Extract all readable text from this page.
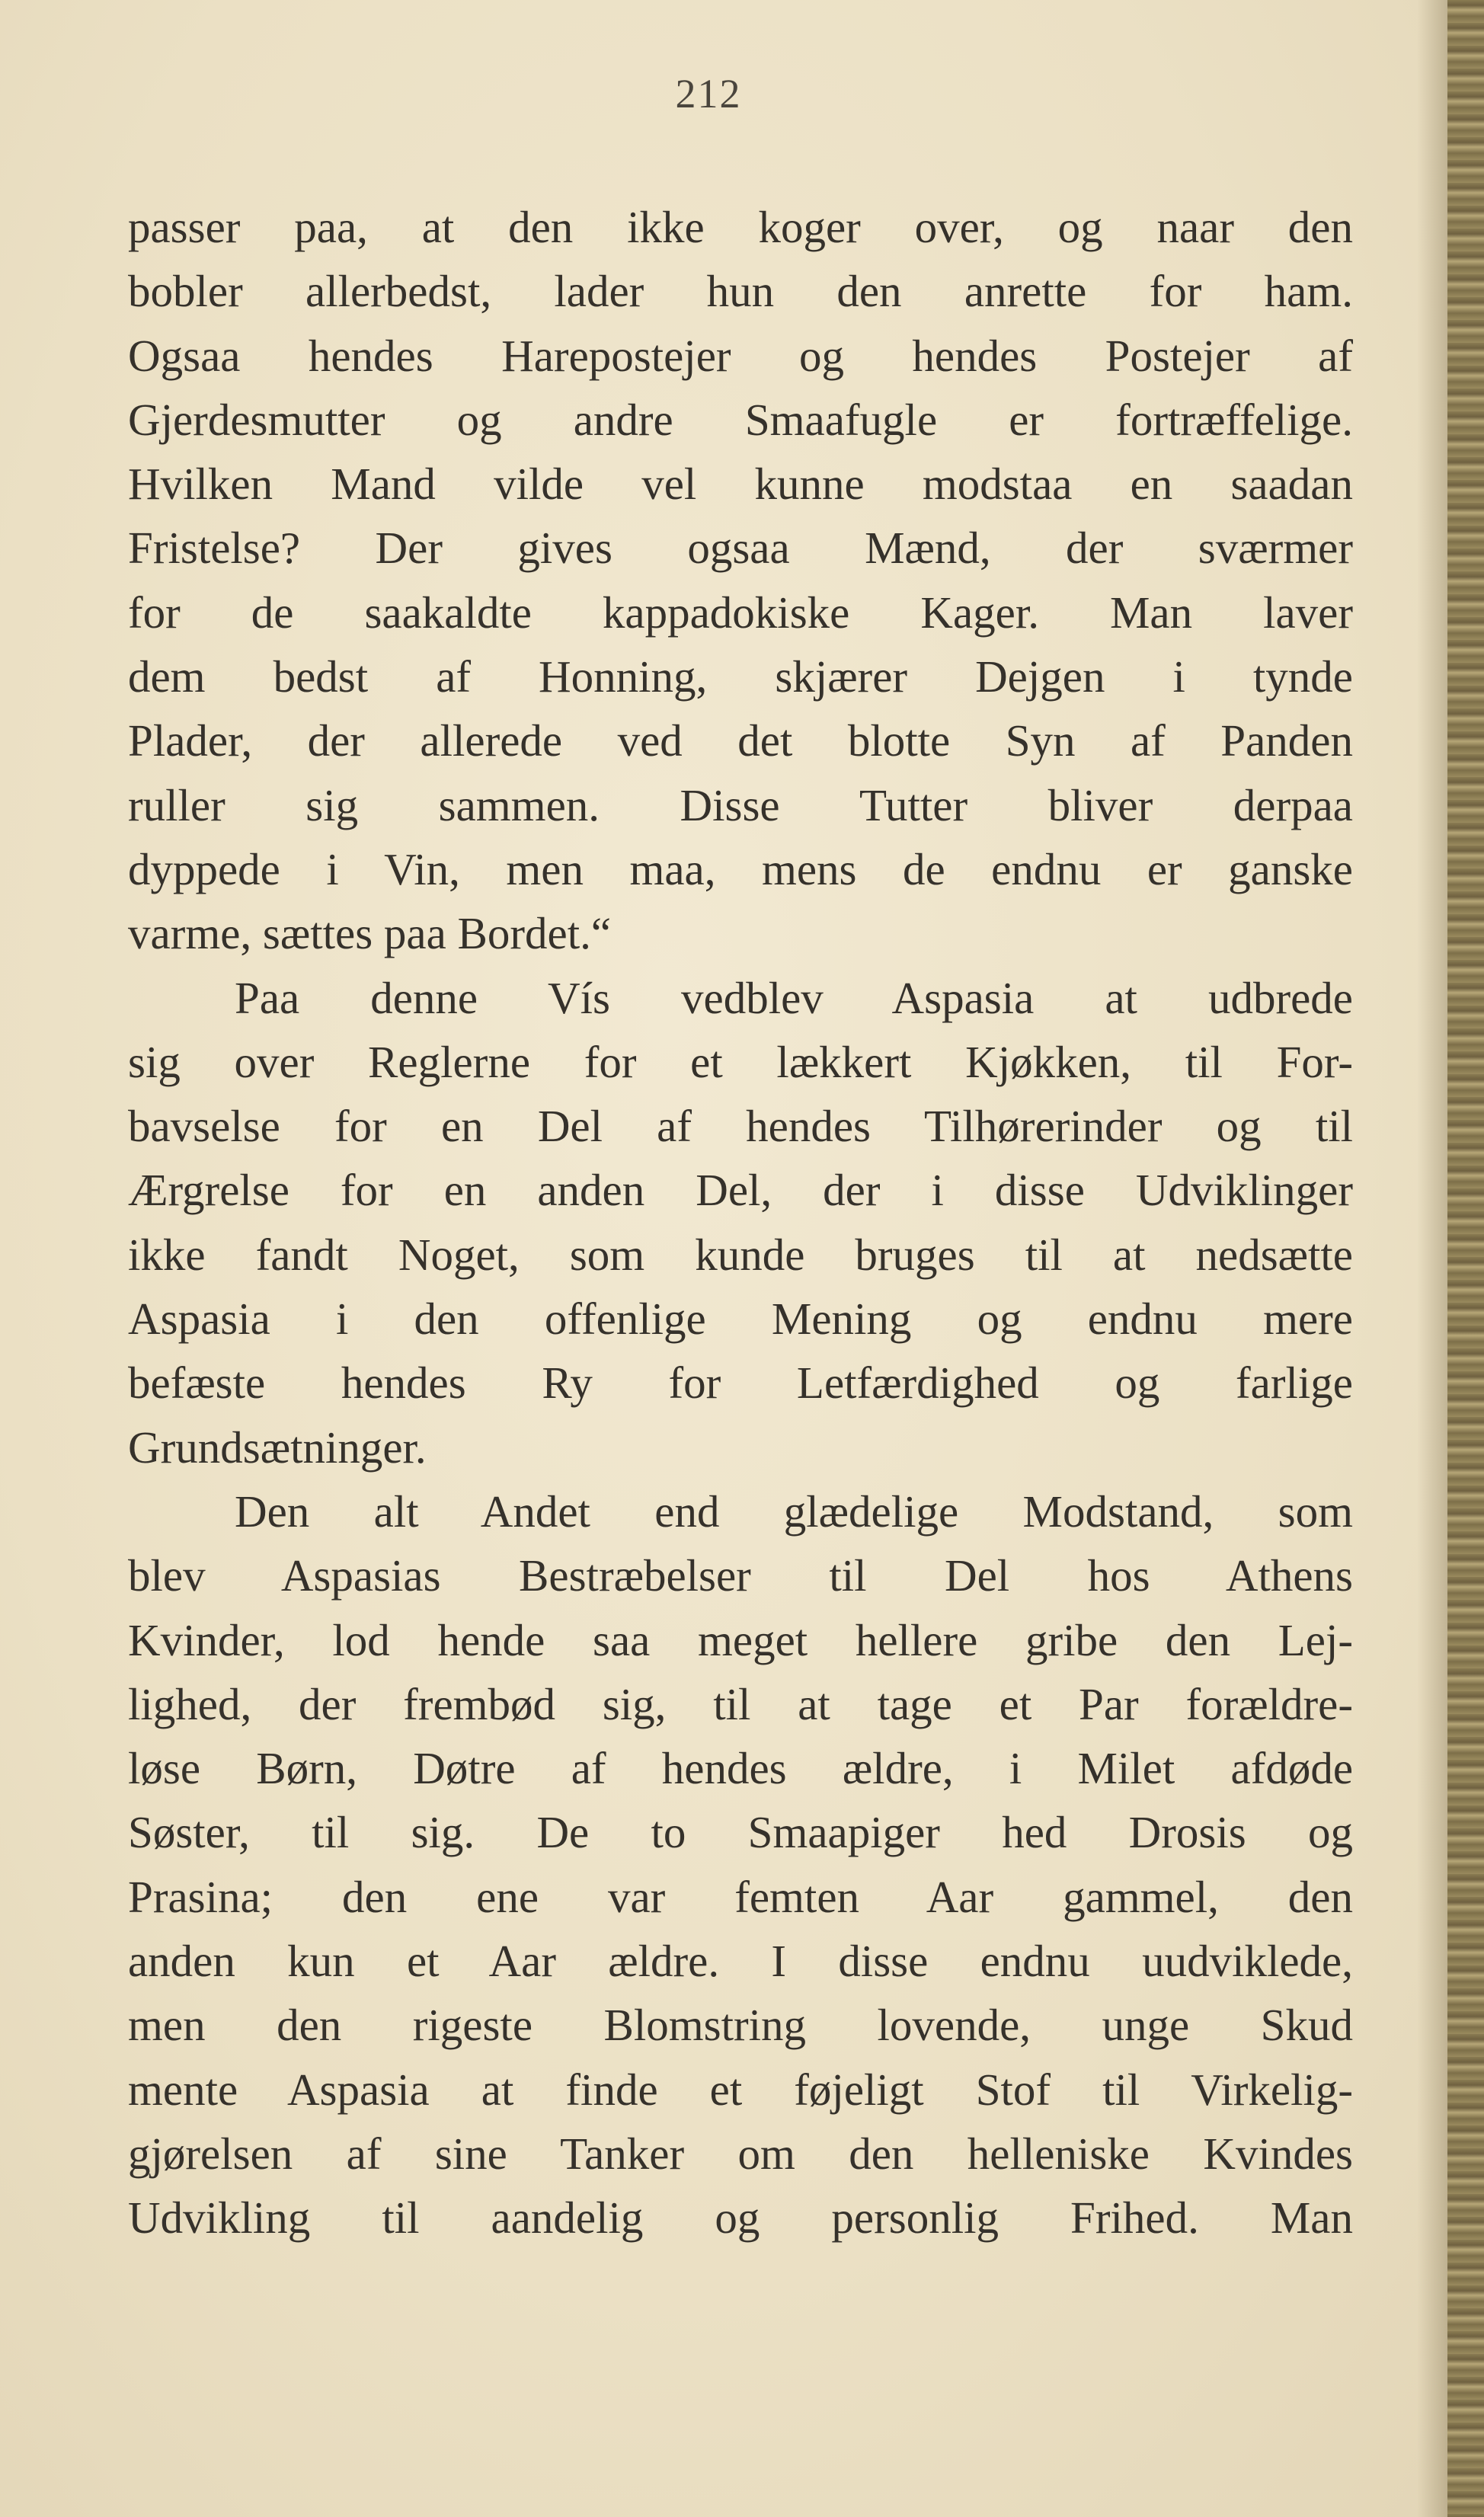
212
passer paa, at den ikke koger over, og naar den
bobler allerbedst, lader hun den anrette for ham.
Ogsaa hendes Harepostejer og hendes Postejer af
Gjerdesmutter og andre Smaafugle er fortræffelige.
Hvilken Mand vilde vel kunne modstaa en saadan
Fristelse? Der gives ogsaa Mænd, der sværmer
for de saakaldte kappadokiske Kager. Man laver
dem bedst af Honning, skjærer Dejgen i tynde
Plader, der allerede ved det blotte Syn af Panden
ruller sig sammen. Disse Tutter bliver derpaa
dyppede i Vin, men maa, mens de endnu er ganske
varme, sættes paa Bordet.“
Paa denne Vís vedblev Aspasia at udbrede
sig over Reglerne for et lækkert Kjøkken, til For-
bavselse for en Del af hendes Tilhørerinder og til
Ærgrelse for en anden Del, der i disse Udviklinger
ikke fandt Noget, som kunde bruges til at nedsætte
Aspasia i den offenlige Mening og endnu mere
befæste hendes Ry for Letfærdighed og farlige
Grundsætninger.
Den alt Andet end glædelige Modstand, som
blev Aspasias Bestræbelser til Del hos Athens
Kvinder, lod hende saa meget hellere gribe den Lej-
lighed, der frembød sig, til at tage et Par forældre-
løse Børn, Døtre af hendes ældre, i Milet afdøde
Søster, til sig. De to Smaapiger hed Drosis og
Prasina; den ene var femten Aar gammel, den
anden kun et Aar ældre. I disse endnu uudviklede,
men den rigeste Blomstring lovende, unge Skud
mente Aspasia at finde et føjeligt Stof til Virkelig-
gjørelsen af sine Tanker om den helleniske Kvindes
Udvikling til aandelig og personlig Frihed. Man
